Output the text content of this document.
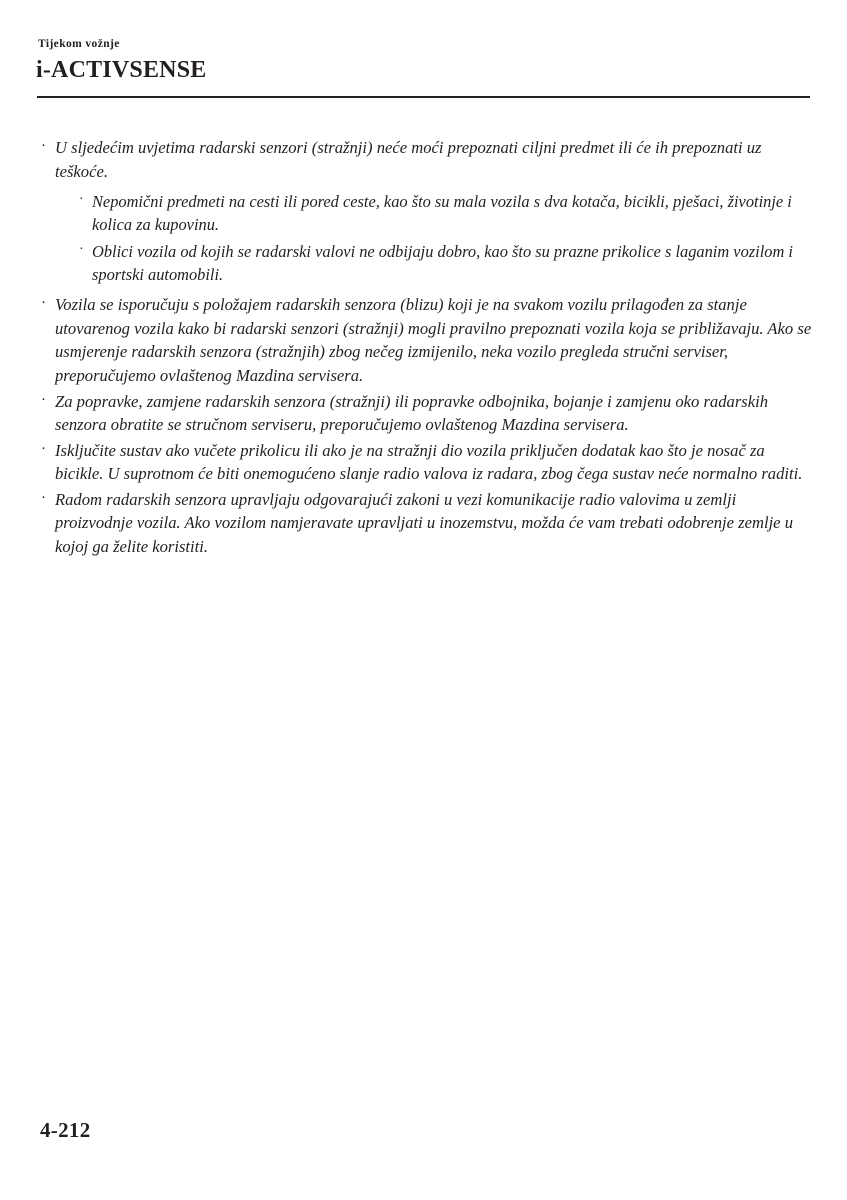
Tijekom vožnje
i-ACTIVSENSE
· U sljedećim uvjetima radarski senzori (stražnji) neće moći prepoznati ciljni predmet ili će ih prepoznati uz teškoće.
· Nepomični predmeti na cesti ili pored ceste, kao što su mala vozila s dva kotača, bicikli, pješaci, životinje i kolica za kupovinu.
· Oblici vozila od kojih se radarski valovi ne odbijaju dobro, kao što su prazne prikolice s laganim vozilom i sportski automobili.
· Vozila se isporučuju s položajem radarskih senzora (blizu) koji je na svakom vozilu prilagođen za stanje utovarenog vozila kako bi radarski senzori (stražnji) mogli pravilno prepoznati vozila koja se približavaju. Ako se usmjerenje radarskih senzora (stražnjih) zbog nečeg izmijenilo, neka vozilo pregleda stručni serviser, preporučujemo ovlaštenog Mazdina servisera.
· Za popravke, zamjene radarskih senzora (stražnji) ili popravke odbojnika, bojanje i zamjenu oko radarskih senzora obratite se stručnom serviseru, preporučujemo ovlaštenog Mazdina servisera.
· Isključite sustav ako vučete prikolicu ili ako je na stražnji dio vozila priključen dodatak kao što je nosač za bicikle. U suprotnom će biti onemogućeno slanje radio valova iz radara, zbog čega sustav neće normalno raditi.
· Radom radarskih senzora upravljaju odgovarajući zakoni u vezi komunikacije radio valovima u zemlji proizvodnje vozila. Ako vozilom namjeravate upravljati u inozemstvu, možda će vam trebati odobrenje zemlje u kojoj ga želite koristiti.
4-212
